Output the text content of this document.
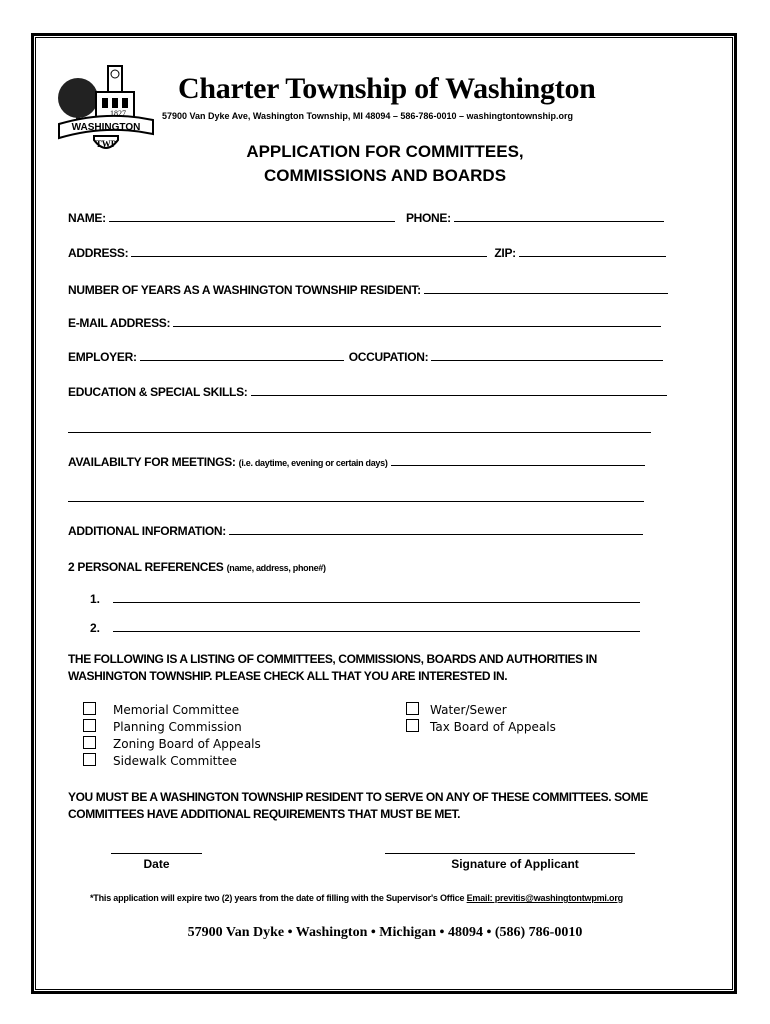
WASHINGTON
1827
TWP
Charter Township of Washington
57900 Van Dyke Ave, Washington Township, MI 48094 – 586-786-0010 – washingtontownship.org
APPLICATION FOR COMMITTEES,
COMMISSIONS AND BOARDS
NAME:	PHONE:
ADDRESS:	ZIP:
NUMBER OF YEARS AS A WASHINGTON TOWNSHIP RESIDENT:
E-MAIL ADDRESS:
EMPLOYER:	OCCUPATION:
EDUCATION & SPECIAL SKILLS:
AVAILABILTY FOR MEETINGS: (i.e. daytime, evening or certain days)
ADDITIONAL INFORMATION:
2 PERSONAL REFERENCES (name, address, phone#)
1.
2.
THE FOLLOWING IS A LISTING OF COMMITTEES, COMMISSIONS, BOARDS AND AUTHORITIES IN WASHINGTON TOWNSHIP. PLEASE CHECK ALL THAT YOU ARE INTERESTED IN.
Memorial Committee
Planning Commission
Zoning Board of Appeals
Sidewalk Committee
Water/Sewer
Tax Board of Appeals
YOU MUST BE A WASHINGTON TOWNSHIP RESIDENT TO SERVE ON ANY OF THESE COMMITTEES. SOME COMMITTEES HAVE ADDITIONAL REQUIREMENTS THAT MUST BE MET.
Date	Signature of Applicant
*This application will expire two (2) years from the date of filling with the Supervisor's Office Email: previtis@washingtontwpmi.org
57900 Van Dyke • Washington • Michigan • 48094 • (586) 786-0010
